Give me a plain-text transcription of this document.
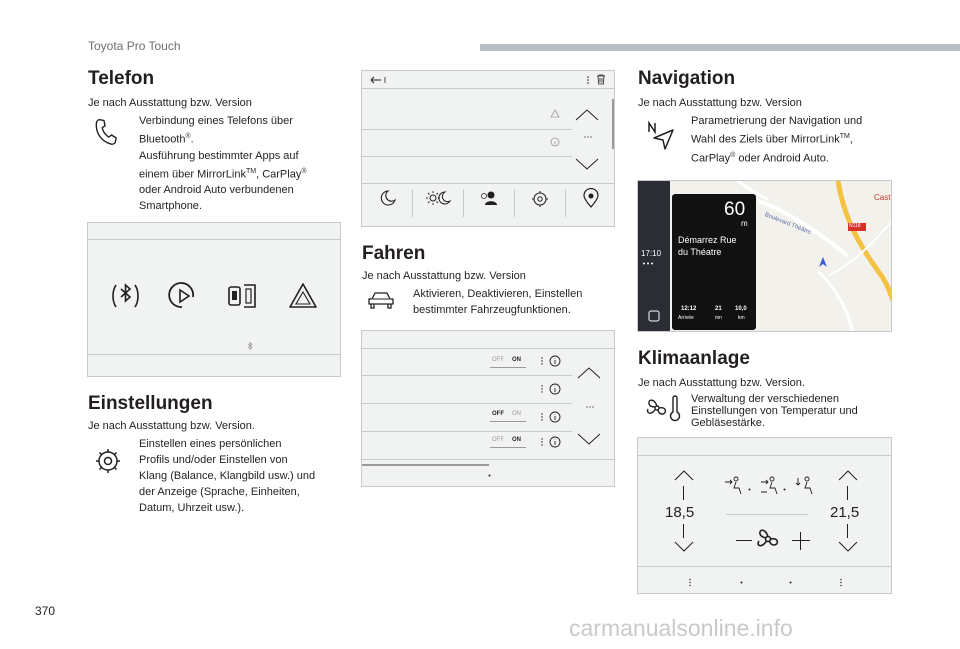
Toyota Pro Touch
Telefon
Je nach Ausstattung bzw. Version
Verbindung eines Telefons über
Bluetooth®.
Ausführung bestimmter Apps auf
einem über MirrorLink™, CarPlay®
oder Android Auto verbundenen
Smartphone.
Einstellungen
Je nach Ausstattung bzw. Version.
Einstellen eines persönlichen
Profils und/oder Einstellen von
Klang (Balance, Klangbild usw.) und
der Anzeige (Sprache, Einheiten,
Datum, Uhrzeit usw.).
Fahren
Je nach Ausstattung bzw. Version
Aktivieren, Deaktivieren, Einstellen
bestimmter Fahrzeugfunktionen.
OFF ON
OFF ON
OFF ON
Navigation
Je nach Ausstattung bzw. Version
Parametrierung der Navigation und
Wahl des Ziels über MirrorLink™,
CarPlay® oder Android Auto.
N118
Boulevard Théâtre
Cast
17:10
60
m
Démarrez Rue
du Théatre
12:12
Arrivée
21
mn
10,0
km
Klimaanlage
Je nach Ausstattung bzw. Version.
Verwaltung der verschiedenen
Einstellungen von Temperatur und
Gebläsestärke.
18,5	21,5
370
carmanualsonline.info
